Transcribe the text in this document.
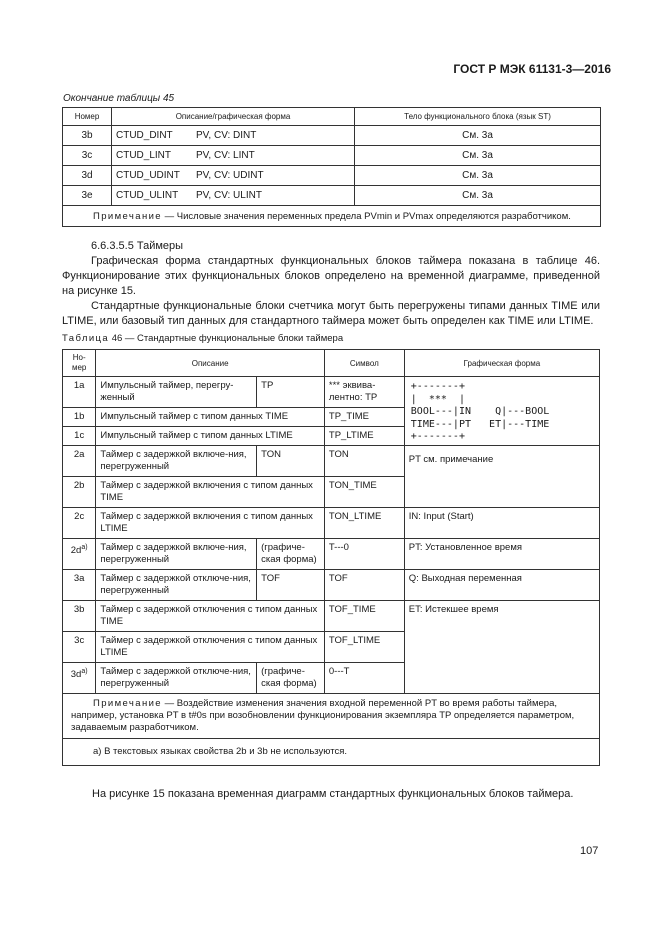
ГОСТ Р МЭК 61131-3—2016
Окончание таблицы 45
Номер	Описание/графическая форма	Тело функционального блока (язык ST)
3b	CTUD_DINT PV, CV: DINT	См. 3а
3c	CTUD_LINT PV, CV: LINT	См. 3а
3d	CTUD_UDINT PV, CV: UDINT	См. 3а
3e	CTUD_ULINT PV, CV: ULINT	См. 3а
Примечание — Числовые значения переменных предела PVmin и PVmax определяются разработчиком.		

6.6.3.5.5 Таймеры

Графическая форма стандартных функциональных блоков таймера показана в таблице 46. Функционирование этих функциональных блоков определено на временной диаграмме, приведенной на рисунке 15.

Стандартные функциональные блоки счетчика могут быть перегружены типами данных TIME или LTIME, или базовый тип данных для стандартного таймера может быть определен как TIME или LTIME.

Таблица 46 — Стандартные функциональные блоки таймера
Но-
мер	Описание		Символ	Графическая форма
1a	Импульсный таймер, перегру-женный	TP	*** эквива-лентно: TP	+-------+
|  ***  |
BOOL---|IN    Q|---BOOL
TIME---|PT   ET|---TIME
+-------+

1b	Импульсный таймер с типом данных TIME		TP_TIME	
1c	Импульсный таймер с типом данных LTIME		TP_LTIME	
2a	Таймер с задержкой включе-ния, перегруженный	TON	TON	PT см. примечание
2b	Таймер с задержкой включения с типом данных TIME		TON_TIME	
2c	Таймер с задержкой включения с типом данных LTIME		TON_LTIME	IN: Input (Start)
$2d^{a)}$	Таймер с задержкой включе-ния, перегруженный	(графиче-ская форма)	T---0	PT: Установленное время
3a	Таймер с задержкой отключе-ния, перегруженный	TOF	TOF	Q: Выходная переменная
3b	Таймер с задержкой отключения с типом данных TIME		TOF_TIME	ET: Истекшее время
3c	Таймер с задержкой отключения с типом данных LTIME		TOF_LTIME	
$3d^{a)}$	Таймер с задержкой отключе-ния, перегруженный	(графиче-ская форма)	0---T	
Примечание — Воздействие изменения значения входной переменной PT во время работы таймера, например, установка PT в t#0s при возобновлении функционирования экземпляра TP определяется параметром, задаваемым разработчиком.				
а) В текстовых языках свойства 2b и 3b не используются.				
На рисунке 15 показана временная диаграмм стандартных функциональных блоков таймера.
107
